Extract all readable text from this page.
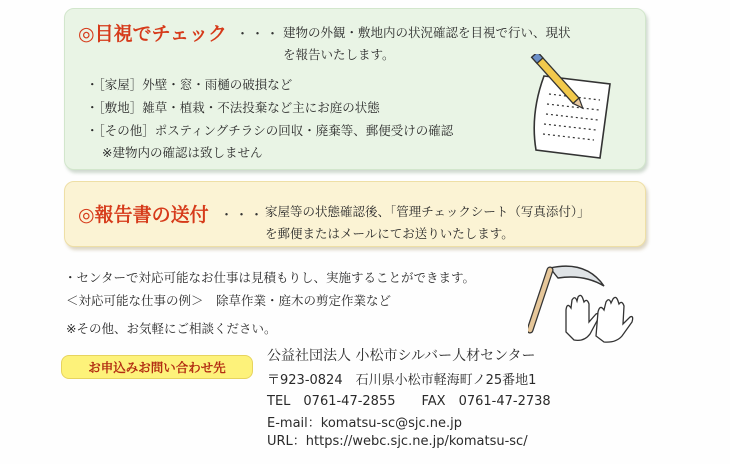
◎目視でチェック ・・・ 建物の外観・敷地内の状況確認を目視で行い、現状
を報告いたします。
・［家屋］外壁・窓・雨樋の破損など
・［敷地］雑草・植栽・不法投棄など主にお庭の状態
・［その他］ポスティングチラシの回収・廃棄等、郵便受けの確認
※建物内の確認は致しません
◎報告書の送付 ・・・ 家屋等の状態確認後、「管理チェックシート（写真添付）」
を郵便またはメールにてお送りいたします。
・センターで対応可能なお仕事は見積もりし、実施することができます。
＜対応可能な仕事の例＞　除草作業・庭木の剪定作業など
※その他、お気軽にご相談ください。
お申込みお問い合わせ先
公益社団法人 小松市シルバー人材センター
〒923-0824　石川県小松市軽海町ノ25番地1
TEL　0761-47-2855　　FAX　0761-47-2738
E-mail：komatsu-sc@sjc.ne.jp
URL：https://webc.sjc.ne.jp/komatsu-sc/
